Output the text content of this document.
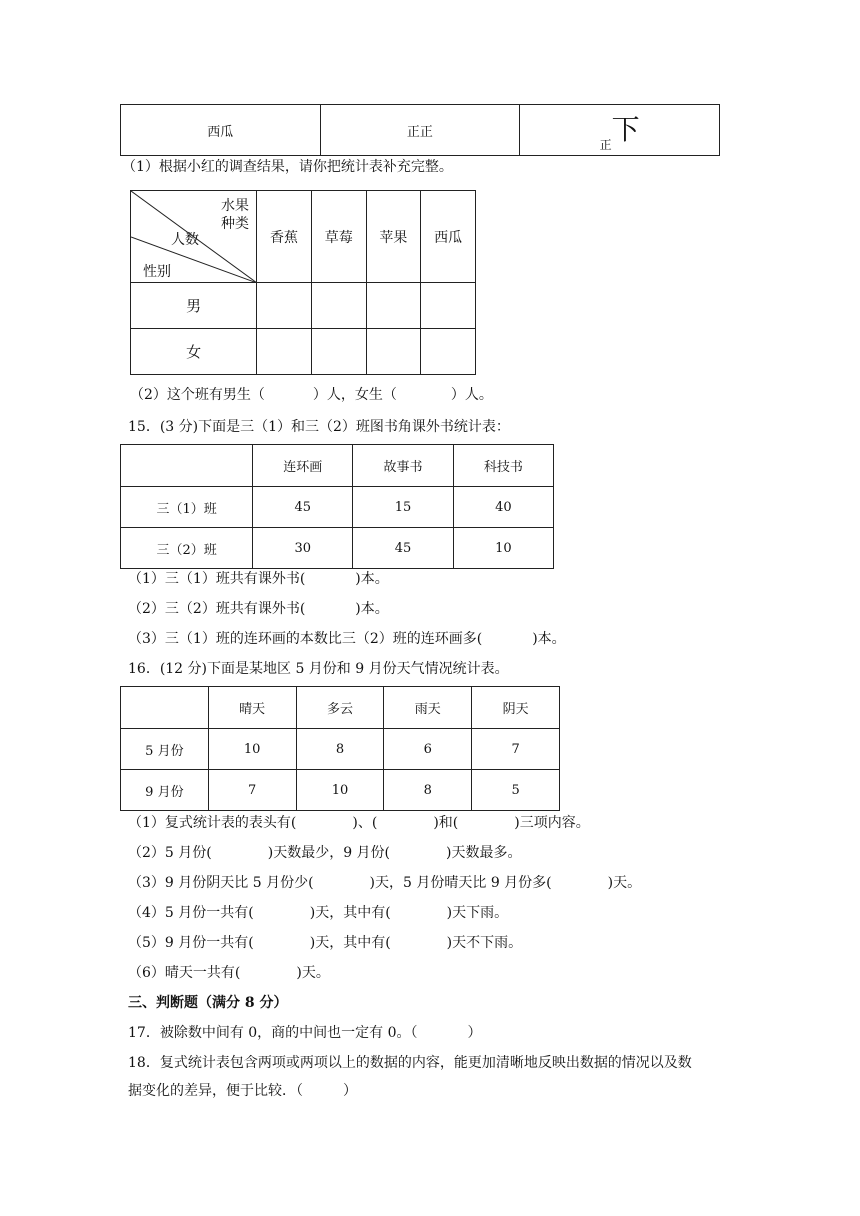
西瓜	正正	正下
（1）根据小红的调查结果，请你把统计表补充完整。
水果
种类
人数
性别	香蕉	草莓	苹果	西瓜
男				
女				
（2）这个班有男生（	）人，女生（	）人。
15．(3 分)下面是三（1）和三（2）班图书角课外书统计表：
	连环画	故事书	科技书
三（1）班	45	15	40
三（2）班	30	45	10
（1）三（1）班共有课外书(	)本。
（2）三（2）班共有课外书(	)本。
（3）三（1）班的连环画的本数比三（2）班的连环画多(	)本。
16．(12 分)下面是某地区 5 月份和 9 月份天气情况统计表。
	晴天	多云	雨天	阴天
5 月份	10	8	6	7
9 月份	7	10	8	5
（1）复式统计表的表头有(	)、(	)和(	)三项内容。
（2）5 月份(	)天数最少，9 月份(	)天数最多。
（3）9 月份阴天比 5 月份少(	)天，5 月份晴天比 9 月份多(	)天。
（4）5 月份一共有(	)天，其中有(	)天下雨。
（5）9 月份一共有(	)天，其中有(	)天不下雨。
（6）晴天一共有(	)天。
三、判断题（满分 8 分）
17．被除数中间有 0，商的中间也一定有 0。（	）
18．复式统计表包含两项或两项以上的数据的内容，能更加清晰地反映出数据的情况以及数
据变化的差异，便于比较．（	）
